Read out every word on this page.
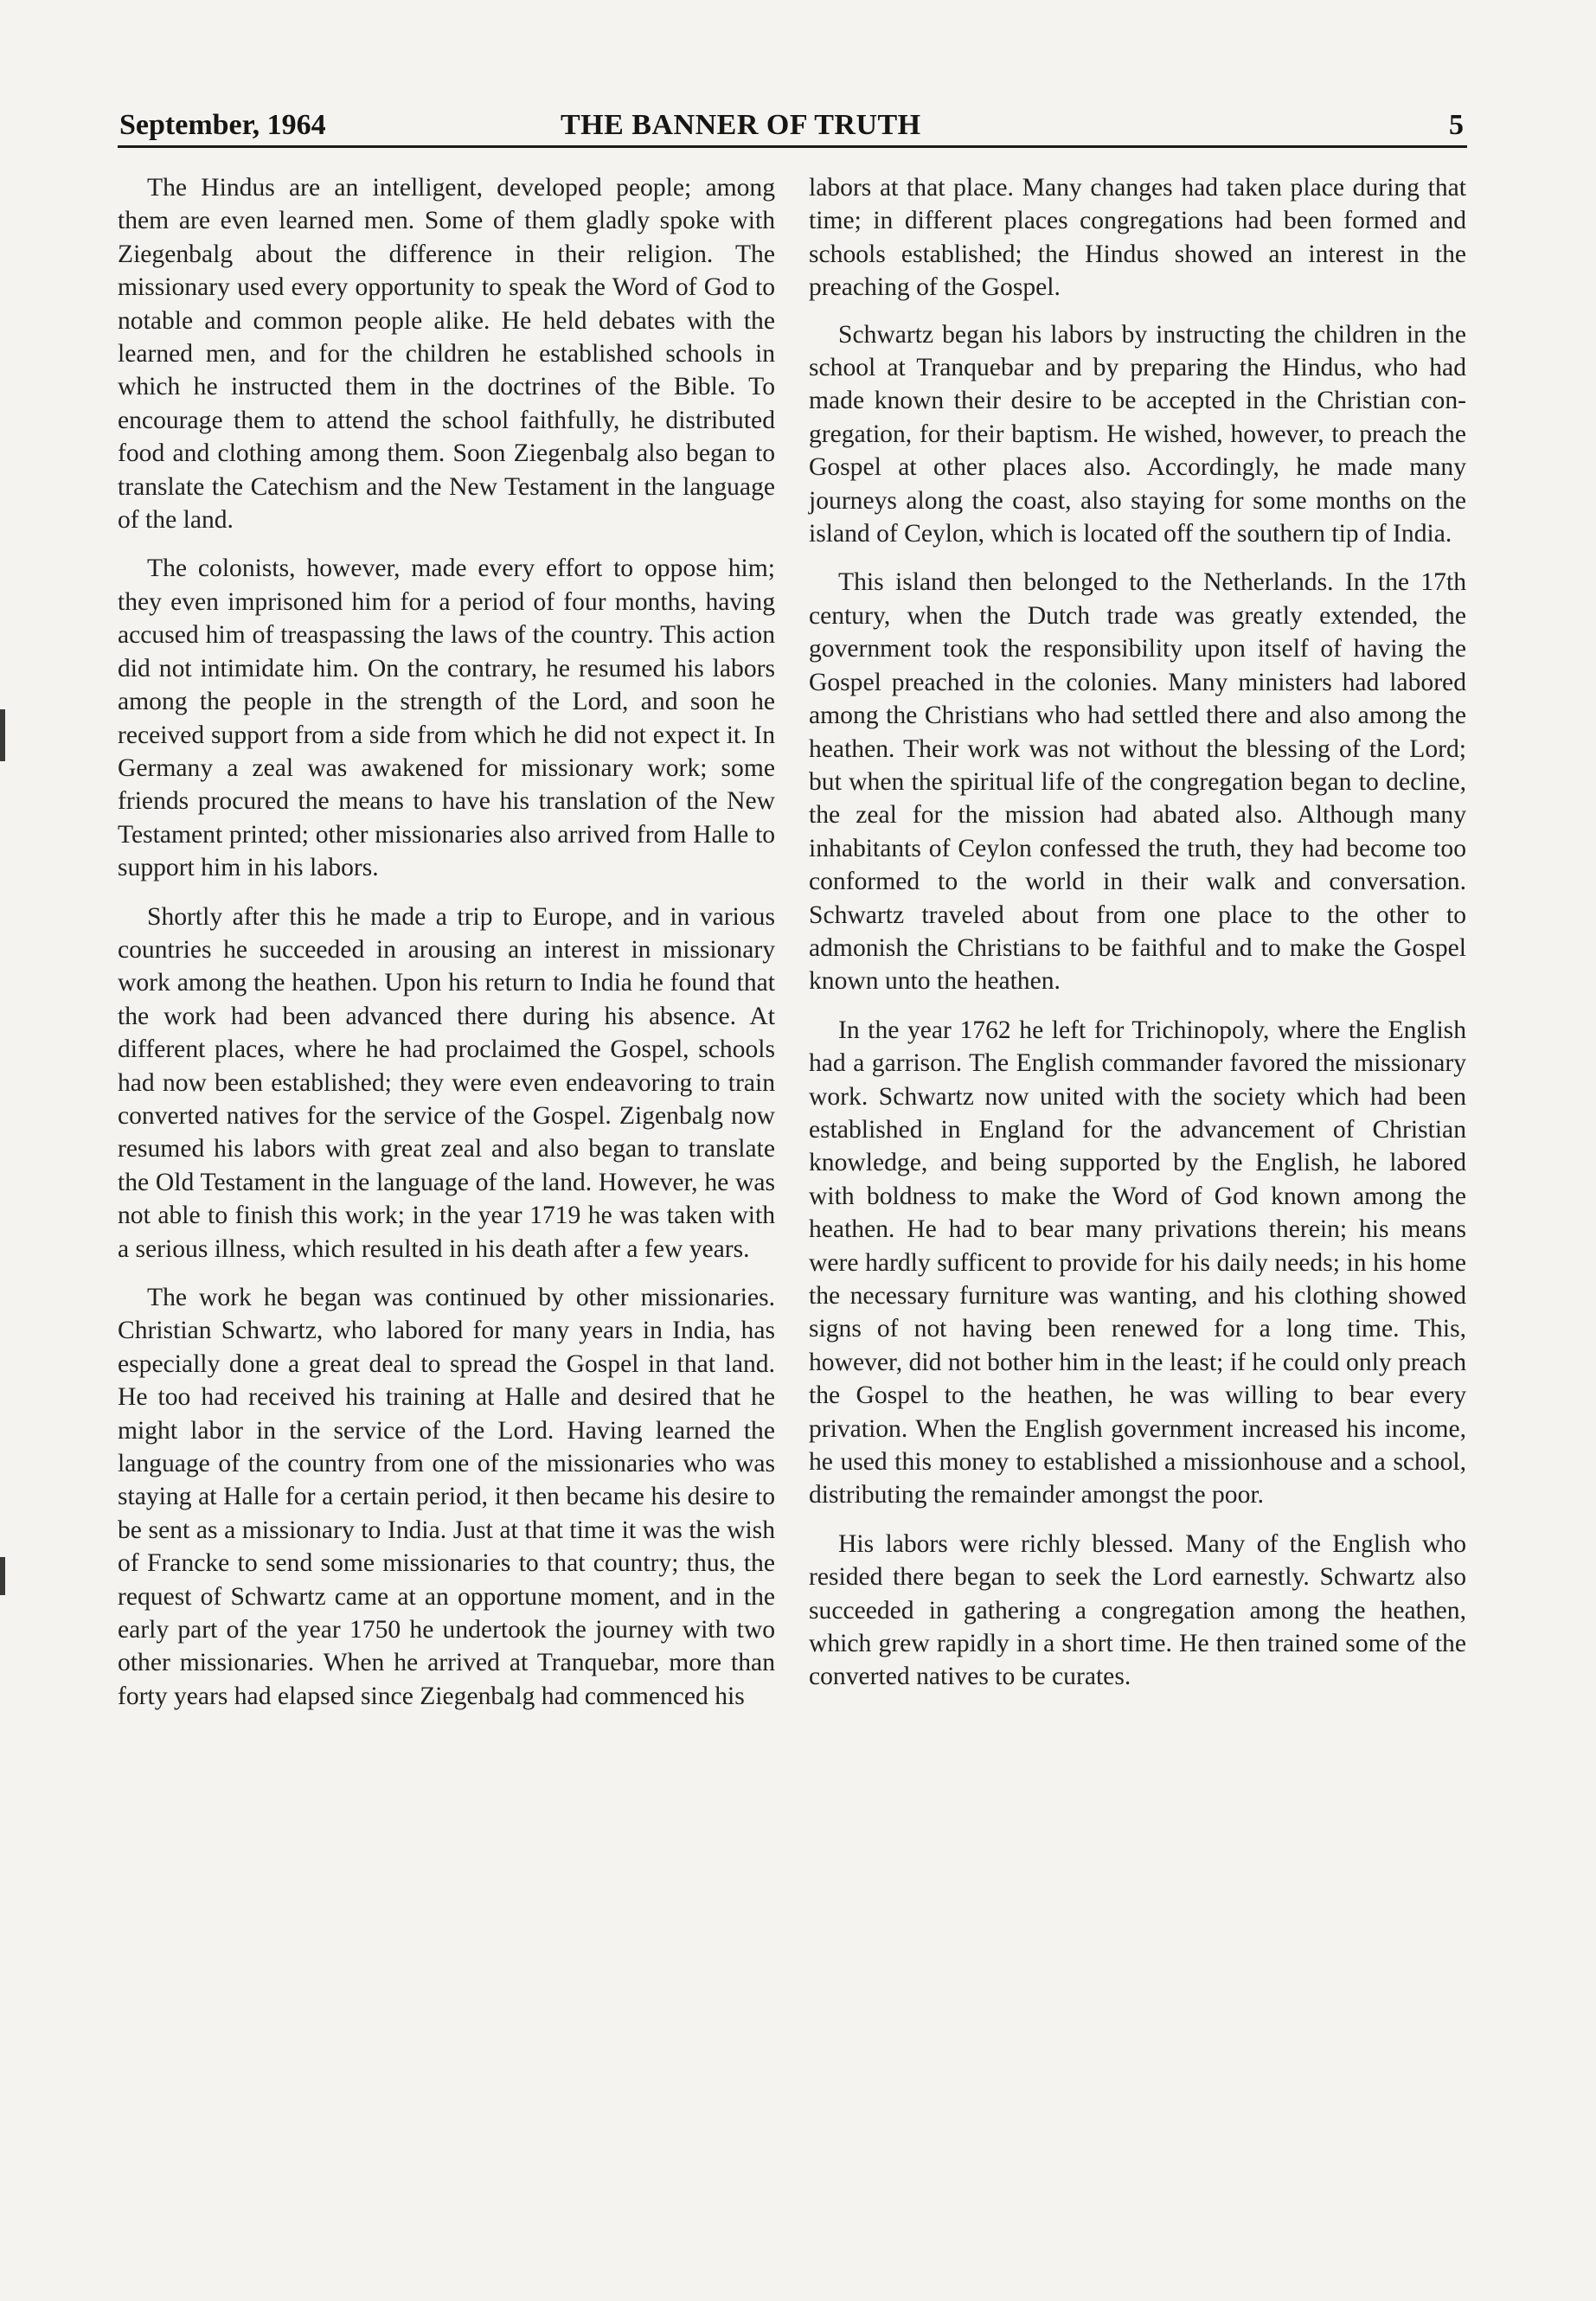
September, 1964	THE BANNER OF TRUTH	5

The Hindus are an intelligent, developed people; among them are even learned men. Some of them gladly spoke with Ziegenbalg about the difference in their religion. The missionary used every opportunity to speak the Word of God to notable and common people alike. He held debates with the learned men, and for the children he established schools in which he instructed them in the doctrines of the Bible. To encourage them to attend the school faithfully, he distributed food and clothing among them. Soon Ziegenbalg also began to translate the Catechism and the New Testament in the language of the land.

The colonists, however, made every effort to oppose him; they even imprisoned him for a period of four months, having accused him of treaspassing the laws of the country. This action did not intimidate him. On the contrary, he resumed his labors among the people in the strength of the Lord, and soon he received support from a side from which he did not expect it. In Germany a zeal was awakened for missionary work; some friends procured the means to have his translation of the New Testament printed; other missionaries also arrived from Halle to support him in his labors.

Shortly after this he made a trip to Europe, and in various countries he succeeded in arousing an interest in missionary work among the heathen. Upon his return to India he found that the work had been advanced there during his absence. At different places, where he had proclaimed the Gospel, schools had now been established; they were even endeavoring to train converted natives for the service of the Gospel. Zigenbalg now resumed his labors with great zeal and also began to translate the Old Testament in the language of the land. However, he was not able to finish this work; in the year 1719 he was taken with a serious illness, which resulted in his death after a few years.

The work he began was continued by other missionaries. Christian Schwartz, who labored for many years in India, has especially done a great deal to spread the Gospel in that land. He too had received his training at Halle and desired that he might labor in the service of the Lord. Having learned the language of the country from one of the missionaries who was staying at Halle for a certain period, it then became his desire to be sent as a missionary to India. Just at that time it was the wish of Francke to send some missionaries to that country; thus, the request of Schwartz came at an opportune moment, and in the early part of the year 1750 he undertook the journey with two other missionaries. When he arrived at Tranquebar, more than forty years had elapsed since Ziegenbalg had commenced his

labors at that place. Many changes had taken place during that time; in different places congregations had been formed and schools established; the Hindus showed an interest in the preaching of the Gospel.

Schwartz began his labors by instructing the children in the school at Tranquebar and by preparing the Hindus, who had made known their desire to be accepted in the Christian congregation, for their baptism. He wished, however, to preach the Gospel at other places also. Accordingly, he made many journeys along the coast, also staying for some months on the island of Ceylon, which is located off the southern tip of India.

This island then belonged to the Netherlands. In the 17th century, when the Dutch trade was greatly extended, the government took the responsibility upon itself of having the Gospel preached in the colonies. Many ministers had labored among the Christians who had settled there and also among the heathen. Their work was not without the blessing of the Lord; but when the spiritual life of the congregation began to decline, the zeal for the mission had abated also. Although many inhabitants of Ceylon confessed the truth, they had become too conformed to the world in their walk and conversation. Schwartz traveled about from one place to the other to admonish the Christians to be faithful and to make the Gospel known unto the heathen.

In the year 1762 he left for Trichinopoly, where the English had a garrison. The English commander favored the missionary work. Schwartz now united with the society which had been established in England for the advancement of Christian knowledge, and being supported by the English, he labored with boldness to make the Word of God known among the heathen. He had to bear many privations therein; his means were hardly sufficent to provide for his daily needs; in his home the necessary furniture was wanting, and his clothing showed signs of not having been renewed for a long time. This, however, did not bother him in the least; if he could only preach the Gospel to the heathen, he was willing to bear every privation. When the English government increased his income, he used this money to established a missionhouse and a school, distributing the remainder amongst the poor.

His labors were richly blessed. Many of the English who resided there began to seek the Lord earnestly. Schwartz also succeeded in gathering a congregation among the heathen, which grew rapidly in a short time. He then trained some of the converted natives to be curates.
